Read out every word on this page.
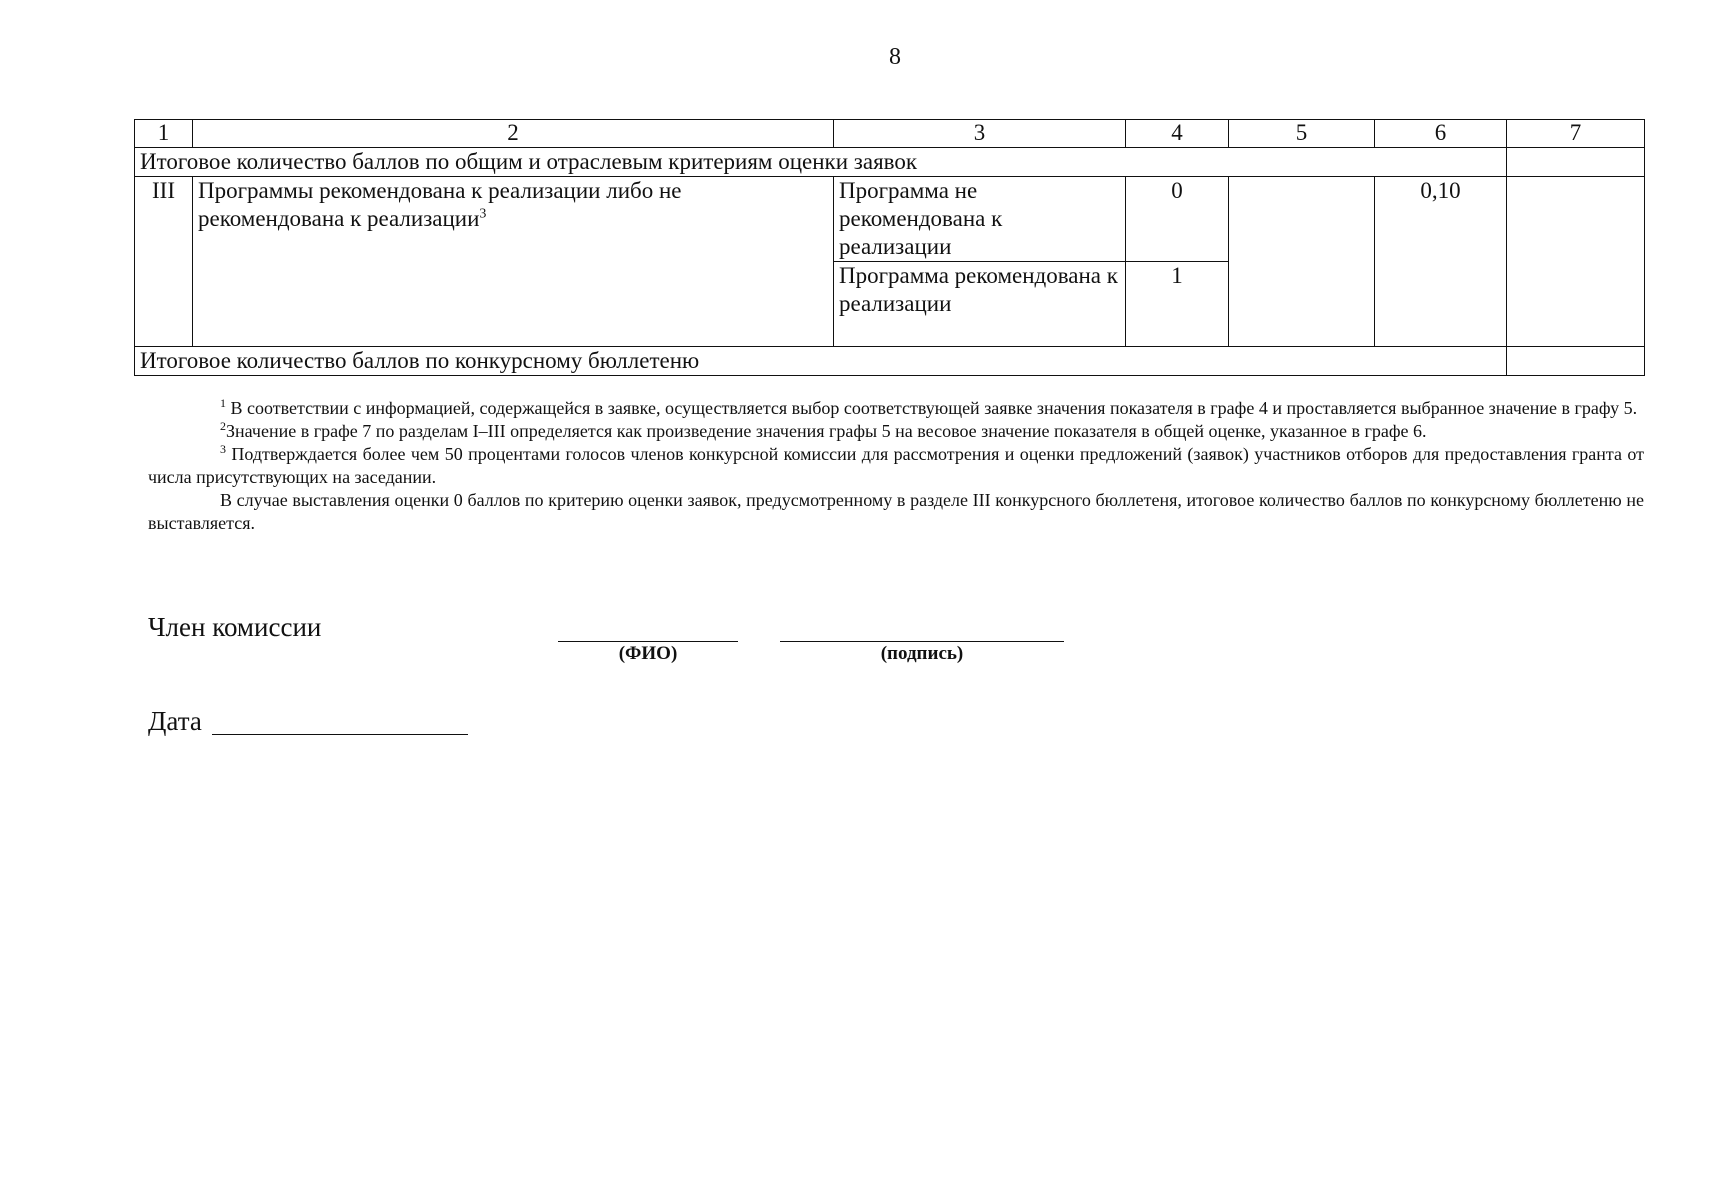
8
1	2	3	4	5	6	7
Итоговое количество баллов по общим и отраслевым критериям оценки заявок						
III	Программы рекомендована к реализации либо не рекомендована к реализации$^3$	Программа не рекомендована к реализации	0		0,10	
		Программа рекомендована к реализации	1			
Итоговое количество баллов по конкурсному бюллетеню						

$^1$ В соответствии с информацией, содержащейся в заявке, осуществляется выбор соответствующей заявке значения показателя в графе 4 и проставляется выбранное значение в графу 5.

$^2$Значение в графе 7 по разделам I–III определяется как произведение значения графы 5 на весовое значение показателя в общей оценке, указанное в графе 6.

$^3$ Подтверждается более чем 50 процентами голосов членов конкурсной комиссии для рассмотрения и оценки предложений (заявок) участников отборов для предоставления гранта от числа присутствующих на заседании.

В случае выставления оценки 0 баллов по критерию оценки заявок, предусмотренному в разделе III конкурсного бюллетеня, итоговое количество баллов по конкурсному бюллетеню не выставляется.

Член комиссии
(ФИО)	(подпись)
Дата
